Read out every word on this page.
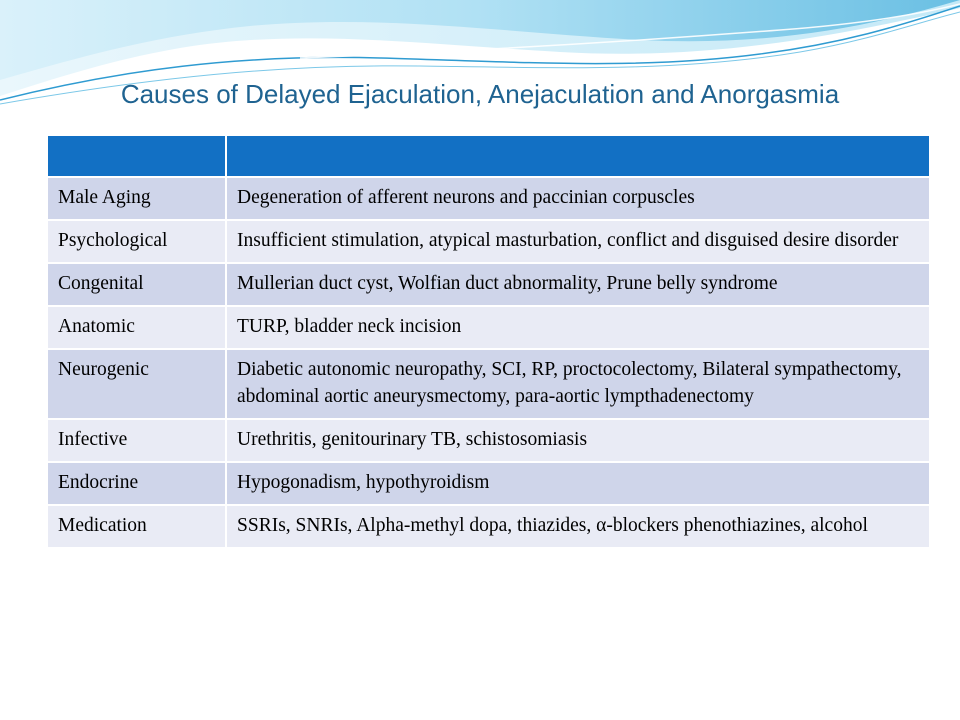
Causes of Delayed Ejaculation, Anejaculation and Anorgasmia

Male Aging	Degeneration of afferent neurons and paccinian corpuscles
Psychological	Insufficient stimulation, atypical masturbation, conflict and disguised desire disorder
Congenital	Mullerian duct cyst, Wolfian duct abnormality, Prune belly syndrome
Anatomic	TURP, bladder neck incision
Neurogenic	Diabetic autonomic neuropathy, SCI, RP, proctocolectomy, Bilateral sympathectomy, abdominal aortic aneurysmectomy, para-aortic lympthadenectomy
Infective	Urethritis, genitourinary TB, schistosomiasis
Endocrine	Hypogonadism, hypothyroidism
Medication	SSRIs, SNRIs, Alpha-methyl dopa, thiazides, α-blockers phenothiazines, alcohol
